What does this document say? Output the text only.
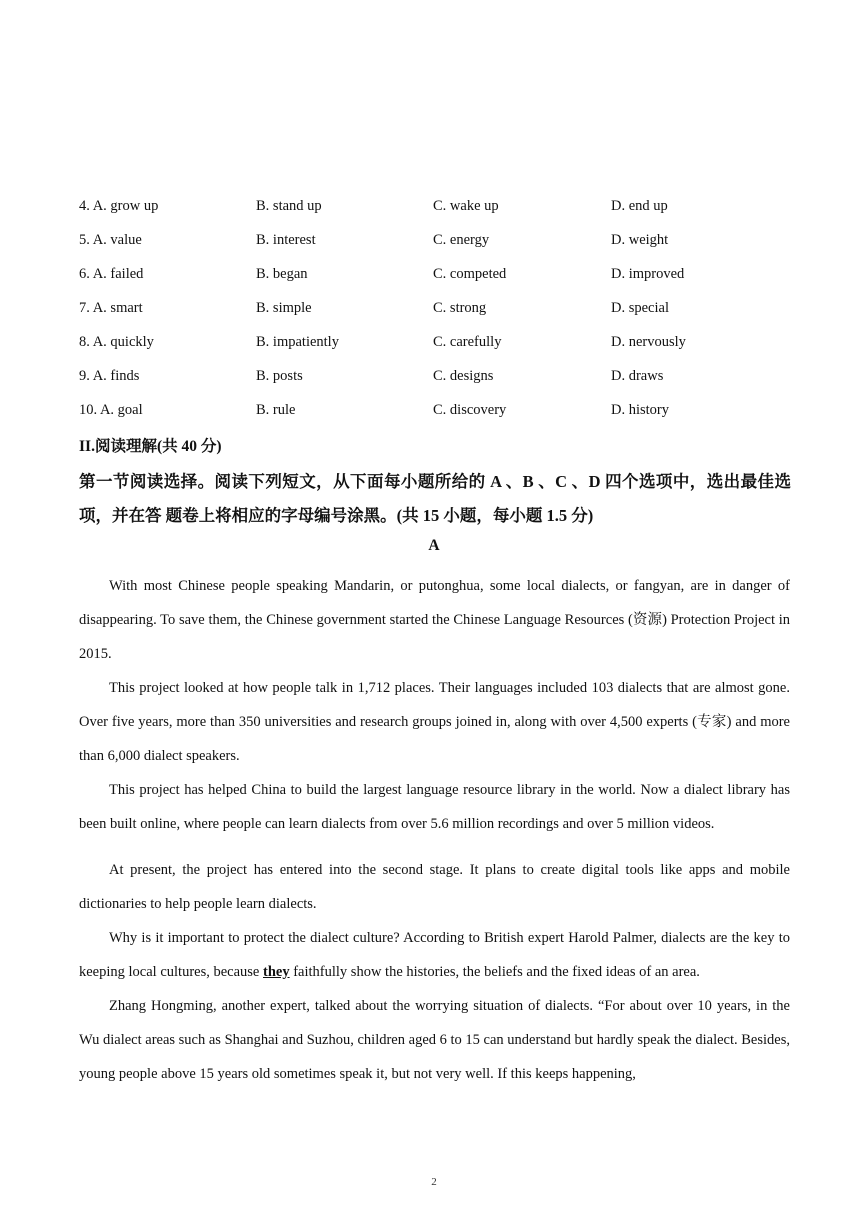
4. A. grow up	B. stand up	C. wake up	D. end up
5. A. value	B. interest	C. energy	D. weight
6. A. failed	B. began	C. competed	D. improved
7. A. smart	B. simple	C. strong	D. special
8. A. quickly	B. impatiently	C. carefully	D. nervously
9. A. finds	B. posts	C. designs	D. draws
10. A. goal	B. rule	C. discovery	D. history
II.阅读理解(共 40 分)
第一节阅读选择。阅读下列短文，从下面每小题所给的 A 、B 、C 、D 四个选项中，选出最佳选项，并在答 题卷上将相应的字母编号涂黑。(共 15 小题，每小题 1.5 分)
A

With most Chinese people speaking Mandarin, or putonghua, some local dialects, or fangyan, are in danger of disappearing. To save them, the Chinese government started the Chinese Language Resources (资源) Protection Project in 2015.

This project looked at how people talk in 1,712 places. Their languages included 103 dialects that are almost gone. Over five years, more than 350 universities and research groups joined in, along with over 4,500 experts (专家) and more than 6,000 dialect speakers.

This project has helped China to build the largest language resource library in the world. Now a dialect library has been built online, where people can learn dialects from over 5.6 million recordings and over 5 million videos.

At present, the project has entered into the second stage. It plans to create digital tools like apps and mobile dictionaries to help people learn dialects.

Why is it important to protect the dialect culture? According to British expert Harold Palmer, dialects are the key to keeping local cultures, because they faithfully show the histories, the beliefs and the fixed ideas of an area.

Zhang Hongming, another expert, talked about the worrying situation of dialects. “For about over 10 years, in the Wu dialect areas such as Shanghai and Suzhou, children aged 6 to 15 can understand but hardly speak the dialect. Besides, young people above 15 years old sometimes speak it, but not very well. If this keeps happening,

2
